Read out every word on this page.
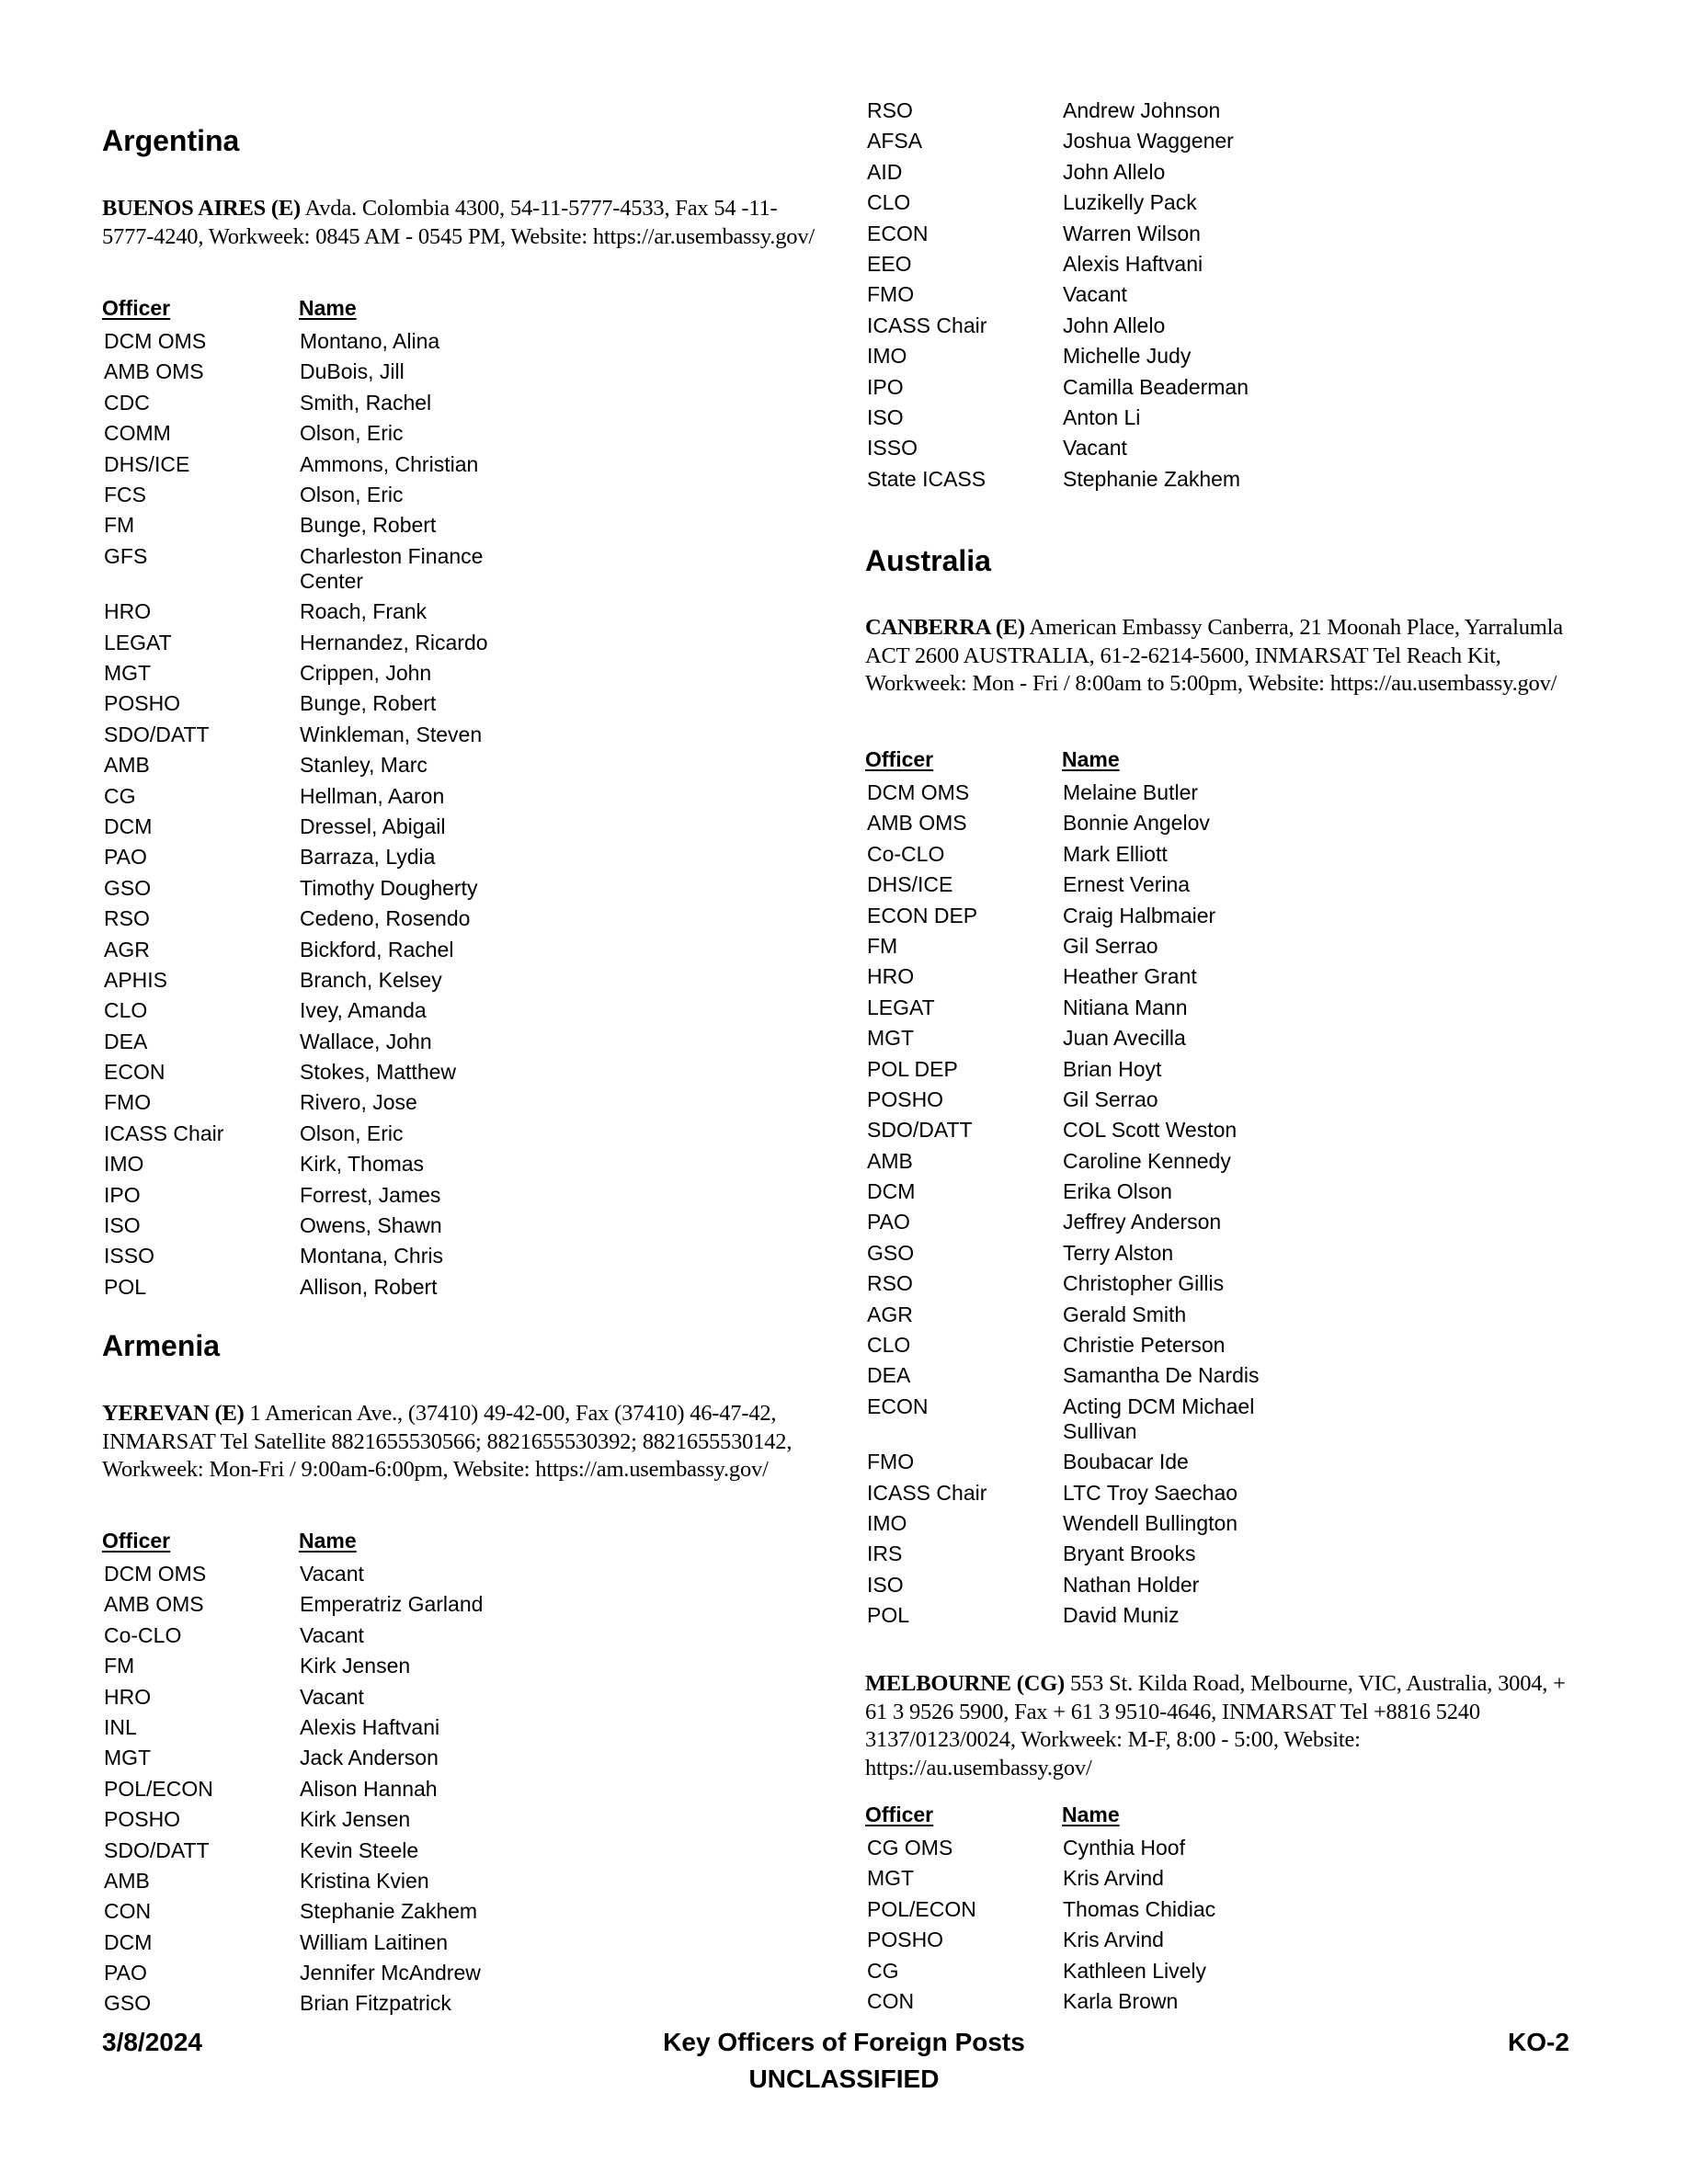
Argentina

BUENOS AIRES (E) Avda. Colombia 4300, 54-11-5777-4533, Fax 54 -11-5777-4240, Workweek: 0845 AM - 0545 PM, Website: https://ar.usembassy.gov/

Officer	Name
DCM OMS	Montano, Alina
AMB OMS	DuBois, Jill
CDC	Smith, Rachel
COMM	Olson, Eric
DHS/ICE	Ammons, Christian
FCS	Olson, Eric
FM	Bunge, Robert
GFS	Charleston Finance Center
HRO	Roach, Frank
LEGAT	Hernandez, Ricardo
MGT	Crippen, John
POSHO	Bunge, Robert
SDO/DATT	Winkleman, Steven
AMB	Stanley, Marc
CG	Hellman, Aaron
DCM	Dressel, Abigail
PAO	Barraza, Lydia
GSO	Timothy Dougherty
RSO	Cedeno, Rosendo
AGR	Bickford, Rachel
APHIS	Branch, Kelsey
CLO	Ivey, Amanda
DEA	Wallace, John
ECON	Stokes, Matthew
FMO	Rivero, Jose
ICASS Chair	Olson, Eric
IMO	Kirk, Thomas
IPO	Forrest, James
ISO	Owens, Shawn
ISSO	Montana, Chris
POL	Allison, Robert
Armenia

YEREVAN (E) 1 American Ave., (37410) 49-42-00, Fax (37410) 46-47-42, INMARSAT Tel Satellite 8821655530566; 8821655530392; 8821655530142, Workweek: Mon-Fri / 9:00am-6:00pm, Website: https://am.usembassy.gov/

Officer	Name
DCM OMS	Vacant
AMB OMS	Emperatriz Garland
Co-CLO	Vacant
FM	Kirk Jensen
HRO	Vacant
INL	Alexis Haftvani
MGT	Jack Anderson
POL/ECON	Alison Hannah
POSHO	Kirk Jensen
SDO/DATT	Kevin Steele
AMB	Kristina Kvien
CON	Stephanie Zakhem
DCM	William Laitinen
PAO	Jennifer McAndrew
GSO	Brian Fitzpatrick
RSO	Andrew Johnson
AFSA	Joshua Waggener
AID	John Allelo
CLO	Luzikelly Pack
ECON	Warren Wilson
EEO	Alexis Haftvani
FMO	Vacant
ICASS Chair	John Allelo
IMO	Michelle Judy
IPO	Camilla Beaderman
ISO	Anton Li
ISSO	Vacant
State ICASS	Stephanie Zakhem
Australia

CANBERRA (E) American Embassy Canberra, 21 Moonah Place, Yarralumla ACT 2600 AUSTRALIA, 61-2-6214-5600, INMARSAT Tel Reach Kit, Workweek: Mon - Fri / 8:00am to 5:00pm, Website: https://au.usembassy.gov/

Officer	Name
DCM OMS	Melaine Butler
AMB OMS	Bonnie Angelov
Co-CLO	Mark Elliott
DHS/ICE	Ernest Verina
ECON DEP	Craig Halbmaier
FM	Gil Serrao
HRO	Heather Grant
LEGAT	Nitiana Mann
MGT	Juan Avecilla
POL DEP	Brian Hoyt
POSHO	Gil Serrao
SDO/DATT	COL Scott Weston
AMB	Caroline Kennedy
DCM	Erika Olson
PAO	Jeffrey Anderson
GSO	Terry Alston
RSO	Christopher Gillis
AGR	Gerald Smith
CLO	Christie Peterson
DEA	Samantha De Nardis
ECON	Acting DCM Michael Sullivan
FMO	Boubacar Ide
ICASS Chair	LTC Troy Saechao
IMO	Wendell Bullington
IRS	Bryant Brooks
ISO	Nathan Holder
POL	David Muniz

MELBOURNE (CG) 553 St. Kilda Road, Melbourne, VIC, Australia, 3004, + 61 3 9526 5900, Fax + 61 3 9510-4646, INMARSAT Tel +8816 5240 3137/0123/0024, Workweek: M-F, 8:00 - 5:00, Website: https://au.usembassy.gov/

Officer	Name
CG OMS	Cynthia Hoof
MGT	Kris Arvind
POL/ECON	Thomas Chidiac
POSHO	Kris Arvind
CG	Kathleen Lively
CON	Karla Brown
3/8/2024	Key Officers of Foreign Posts	KO-2
UNCLASSIFIED
